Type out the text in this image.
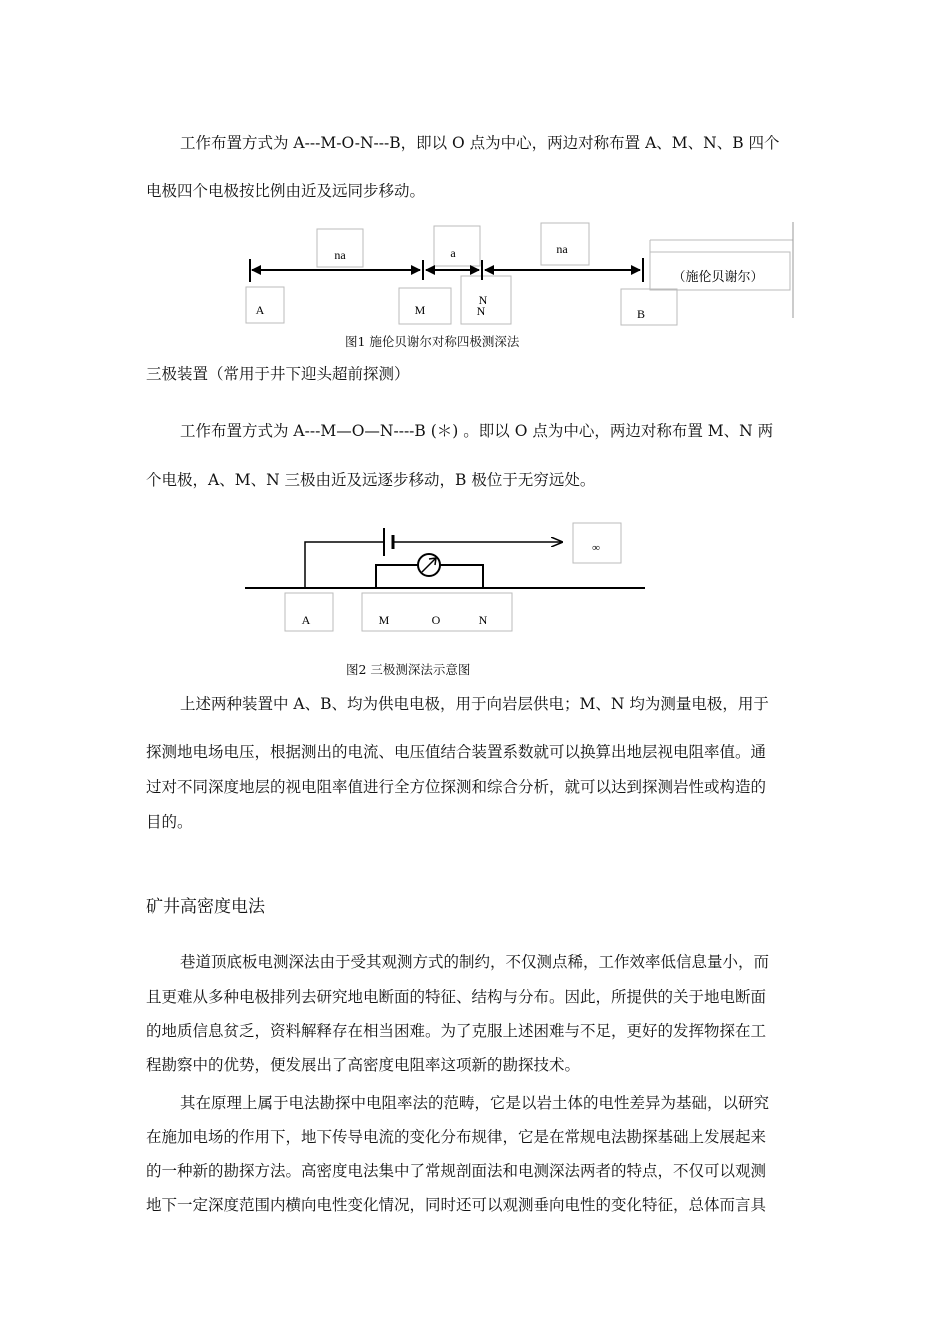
工作布置方式为 A---M-O-N---B，即以 O 点为中心，两边对称布置 A、M、N、B 四个
电极四个电极按比例由近及远同步移动。
na	a	na
（施伦贝谢尔）
A	M
N
N	B
图1 施伦贝谢尔对称四极测深法
三极装置（常用于井下迎头超前探测）
工作布置方式为 A---M—O—N----B (＊) 。即以 O 点为中心，两边对称布置 M、N 两
个电极，A、M、N 三极由近及远逐步移动，B 极位于无穷远处。
∞
A	M	O	N
图2 三极测深法示意图
上述两种装置中 A、B、均为供电电极，用于向岩层供电；M、N 均为测量电极，用于
探测地电场电压，根据测出的电流、电压值结合装置系数就可以换算出地层视电阻率值。通
过对不同深度地层的视电阻率值进行全方位探测和综合分析，就可以达到探测岩性或构造的
目的。
矿井高密度电法
巷道顶底板电测深法由于受其观测方式的制约，不仅测点稀，工作效率低信息量小，而
且更难从多种电极排列去研究地电断面的特征、结构与分布。因此，所提供的关于地电断面
的地质信息贫乏，资料解释存在相当困难。为了克服上述困难与不足，更好的发挥物探在工
程勘察中的优势，便发展出了高密度电阻率这项新的勘探技术。
其在原理上属于电法勘探中电阻率法的范畴，它是以岩土体的电性差异为基础，以研究
在施加电场的作用下，地下传导电流的变化分布规律，它是在常规电法勘探基础上发展起来
的一种新的勘探方法。高密度电法集中了常规剖面法和电测深法两者的特点，不仅可以观测
地下一定深度范围内横向电性变化情况，同时还可以观测垂向电性的变化特征，总体而言具
